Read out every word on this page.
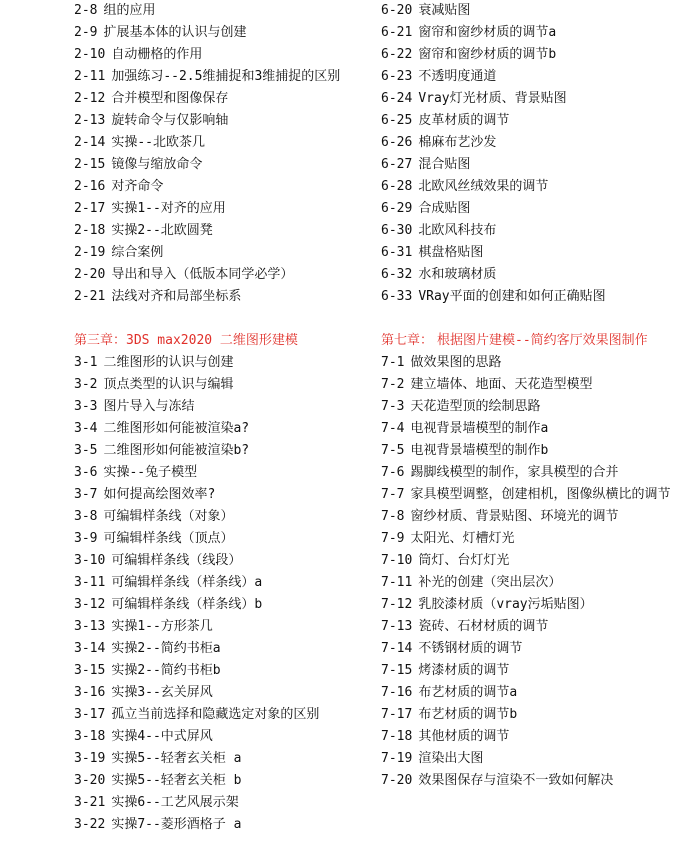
2-8 组的应用
2-9 扩展基本体的认识与创建
2-10 自动栅格的作用
2-11 加强练习--2.5维捕捉和3维捕捉的区别
2-12 合并模型和图像保存
2-13 旋转命令与仅影响轴
2-14 实操--北欧茶几
2-15 镜像与缩放命令
2-16 对齐命令
2-17 实操1--对齐的应用
2-18 实操2--北欧圆凳
2-19 综合案例
2-20 导出和导入（低版本同学必学）
2-21 法线对齐和局部坐标系
第三章：3DS max2020 二维图形建模
3-1 二维图形的认识与创建
3-2 顶点类型的认识与编辑
3-3 图片导入与冻结
3-4 二维图形如何能被渲染a?
3-5 二维图形如何能被渲染b?
3-6 实操--兔子模型
3-7 如何提高绘图效率?
3-8 可编辑样条线（对象）
3-9 可编辑样条线（顶点）
3-10 可编辑样条线（线段）
3-11 可编辑样条线（样条线）a
3-12 可编辑样条线（样条线）b
3-13 实操1--方形茶几
3-14 实操2--简约书柜a
3-15 实操2--简约书柜b
3-16 实操3--玄关屏风
3-17 孤立当前选择和隐藏选定对象的区别
3-18 实操4--中式屏风
3-19 实操5--轻奢玄关柜 a
3-20 实操5--轻奢玄关柜 b
3-21 实操6--工艺风展示架
3-22 实操7--菱形酒格子 a
6-20 衰减贴图
6-21 窗帘和窗纱材质的调节a
6-22 窗帘和窗纱材质的调节b
6-23 不透明度通道
6-24 Vray灯光材质、背景贴图
6-25 皮革材质的调节
6-26 棉麻布艺沙发
6-27 混合贴图
6-28 北欧风丝绒效果的调节
6-29 合成贴图
6-30 北欧风科技布
6-31 棋盘格贴图
6-32 水和玻璃材质
6-33 VRay平面的创建和如何正确贴图
第七章： 根据图片建模--简约客厅效果图制作
7-1 做效果图的思路
7-2 建立墙体、地面、天花造型模型
7-3 天花造型顶的绘制思路
7-4 电视背景墙模型的制作a
7-5 电视背景墙模型的制作b
7-6 踢脚线模型的制作，家具模型的合并
7-7 家具模型调整，创建相机，图像纵横比的调节
7-8 窗纱材质、背景贴图、环境光的调节
7-9 太阳光、灯槽灯光
7-10 筒灯、台灯灯光
7-11 补光的创建（突出层次）
7-12 乳胶漆材质（vray污垢贴图）
7-13 瓷砖、石材材质的调节
7-14 不锈钢材质的调节
7-15 烤漆材质的调节
7-16 布艺材质的调节a
7-17 布艺材质的调节b
7-18 其他材质的调节
7-19 渲染出大图
7-20 效果图保存与渲染不一致如何解决
